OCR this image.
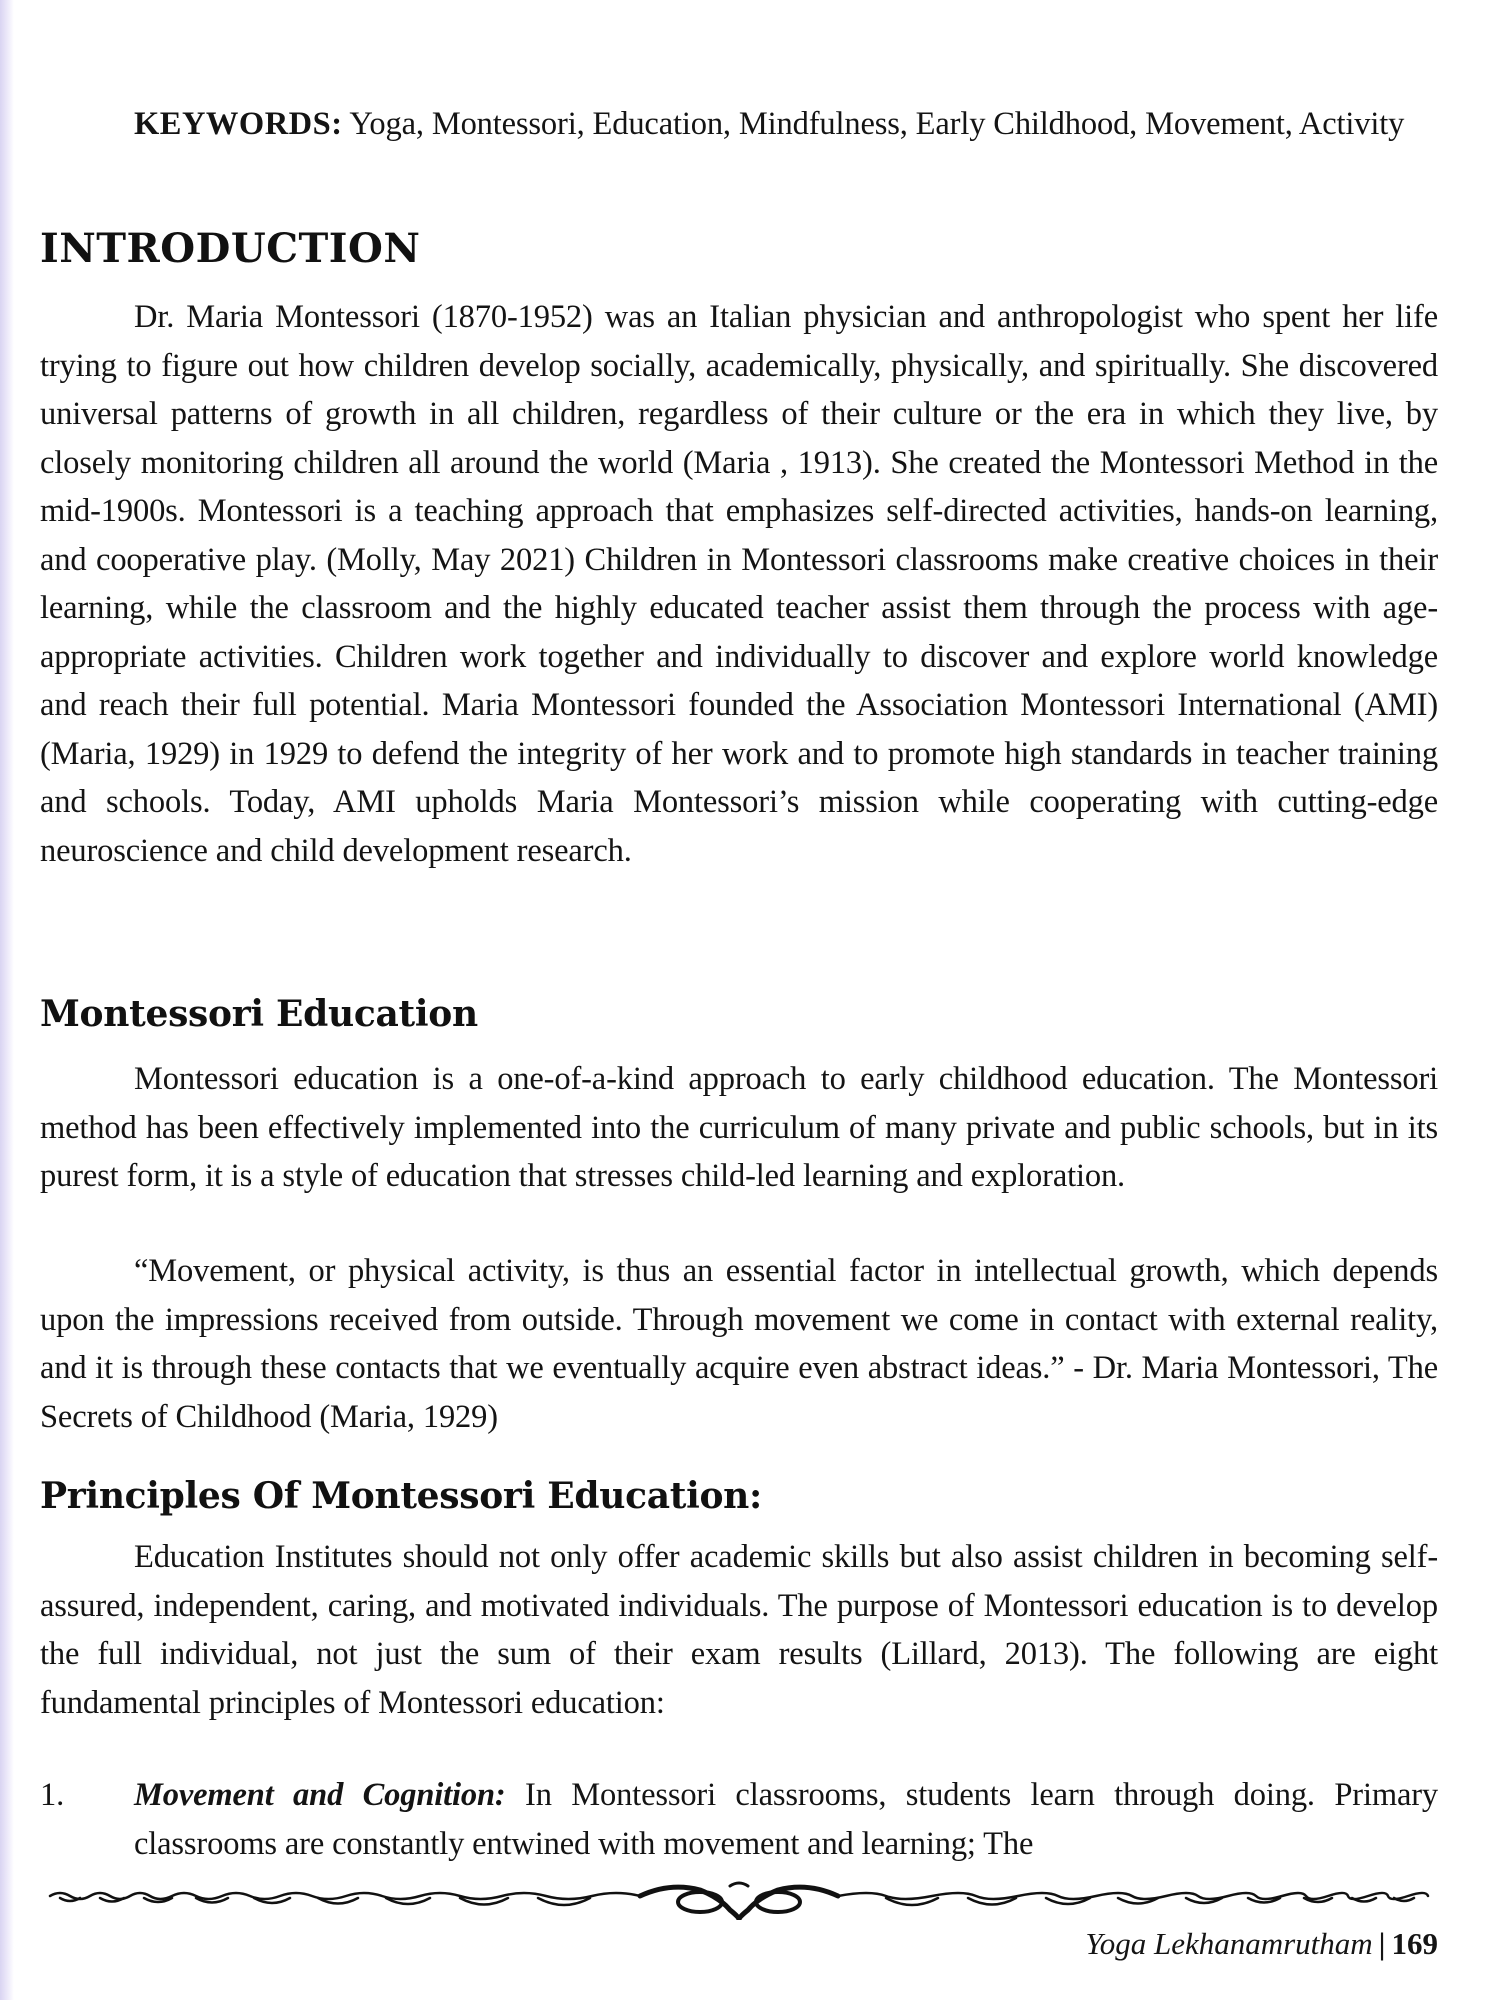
KEYWORDS: Yoga, Montessori, Education, Mindfulness, Early Childhood, Movement, Activity

INTRODUCTION

Dr. Maria Montessori (1870-1952) was an Italian physician and anthropologist who spent her life trying to figure out how children develop socially, academically, physically, and spiritually. She discovered universal patterns of growth in all children, regardless of their culture or the era in which they live, by closely monitoring children all around the world (Maria , 1913). She created the Montessori Method in the mid-1900s. Montessori is a teaching approach that emphasizes self-directed activities, hands-on learning, and cooperative play. (Molly, May 2021) Children in Montessori classrooms make creative choices in their learning, while the classroom and the highly educated teacher assist them through the process with age-appropriate activities. Children work together and individually to discover and explore world knowledge and reach their full potential. Maria Montessori founded the Association Montessori International (AMI) (Maria, 1929) in 1929 to defend the integrity of her work and to promote high standards in teacher training and schools. Today, AMI upholds Maria Montessori’s mission while cooperating with cutting-edge neuroscience and child development research.

Montessori Education

Montessori education is a one-of-a-kind approach to early childhood education. The Montessori method has been effectively implemented into the curriculum of many private and public schools, but in its purest form, it is a style of education that stresses child-led learning and exploration.

“Movement, or physical activity, is thus an essential factor in intellectual growth, which depends upon the impressions received from outside. Through movement we come in contact with external reality, and it is through these contacts that we eventually acquire even abstract ideas.” - Dr. Maria Montessori, The Secrets of Childhood (Maria, 1929)

Principles Of Montessori Education:

Education Institutes should not only offer academic skills but also assist children in becoming self-assured, independent, caring, and motivated individuals. The purpose of Montessori education is to develop the full individual, not just the sum of their exam results (Lillard, 2013). The following are eight fundamental principles of Montessori education:

1. Movement and Cognition: In Montessori classrooms, students learn through doing. Primary classrooms are constantly entwined with movement and learning; The
Yoga Lekhanamrutham | 169
